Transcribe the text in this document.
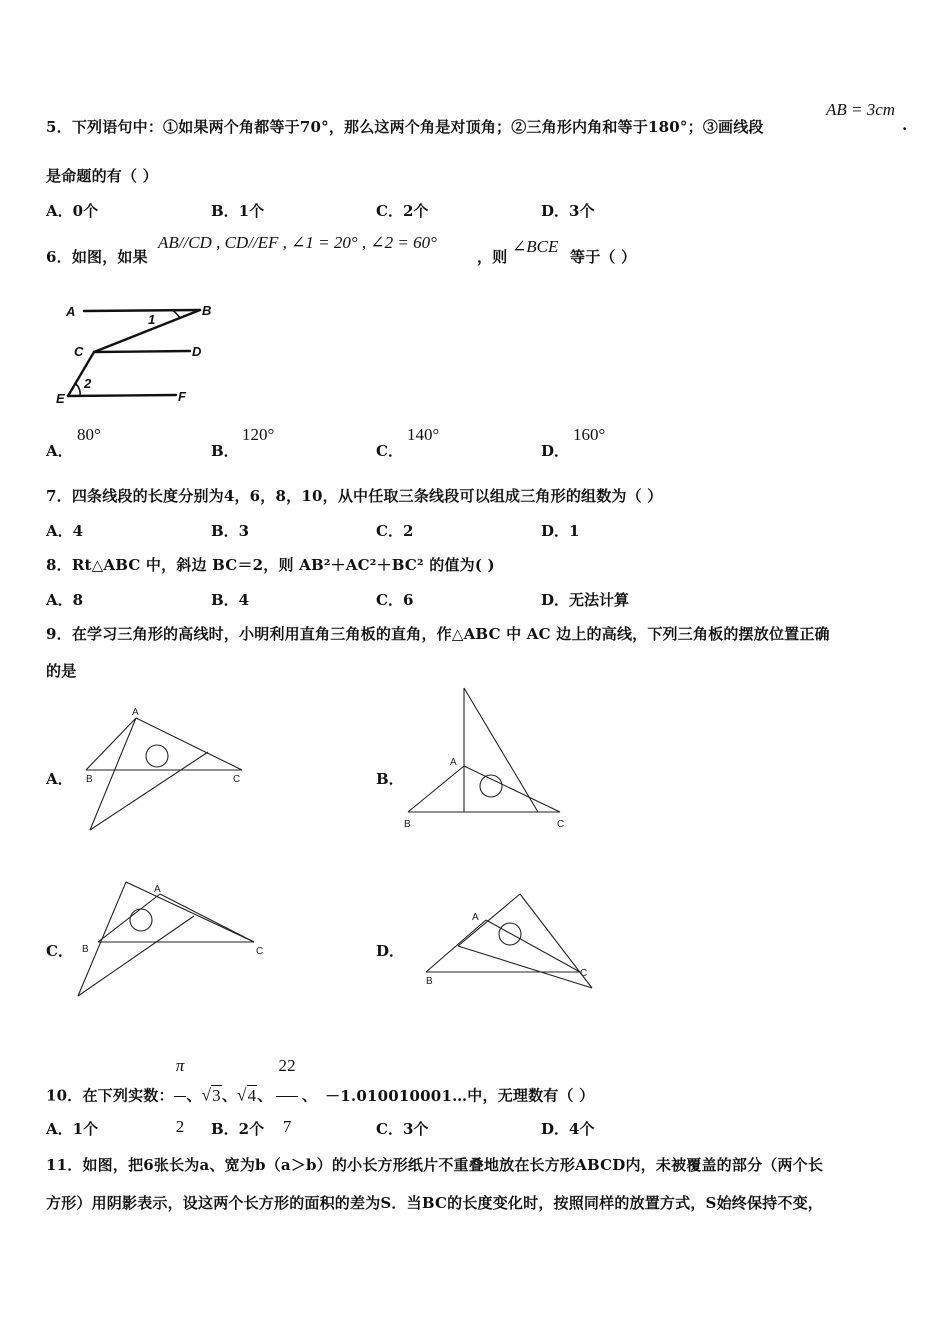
5．下列语句中：①如果两个角都等于70°，那么这两个角是对顶角；②三角形内角和等于180°；③画线段
AB = 3cm
.
是命题的有（ ）
A．0个	B．1个	C．2个	D．3个
6．如图，如果
AB//CD , CD//EF , ∠1 = 20° , ∠2 = 60°
，则
∠BCE
等于（ ）
A	B
1
C	D
2
E	F
A．
80°
B．
120°
C．
140°
D．
160°
7．四条线段的长度分别为4，6，8，10，从中任取三条线段可以组成三角形的组数为（ ）
A．4	B．3	C．2	D．1
8．Rt△ABC 中，斜边 BC＝2，则 AB²＋AC²＋BC² 的值为( )
A．8	B．4	C．6	D．无法计算
9．在学习三角形的高线时，小明利用直角三角板的直角，作△ABC 中 AC 边上的高线，下列三角板的摆放位置正确
的是
A．
A
B	C	B．
A
B	C
C．
A
B	C	D．
A
B
C
10．在下列实数： $\frac{\pi}{2}$ 、√3、√4、 $\frac{22}{7}$ 、 －1.010010001…中，无理数有（ ）
A．1个	B．2个	C．3个	D．4个
11．如图，把6张长为a、宽为b（a＞b）的小长方形纸片不重叠地放在长方形ABCD内，未被覆盖的部分（两个长
方形）用阴影表示，设这两个长方形的面积的差为S．当BC的长度变化时，按照同样的放置方式，S始终保持不变，
